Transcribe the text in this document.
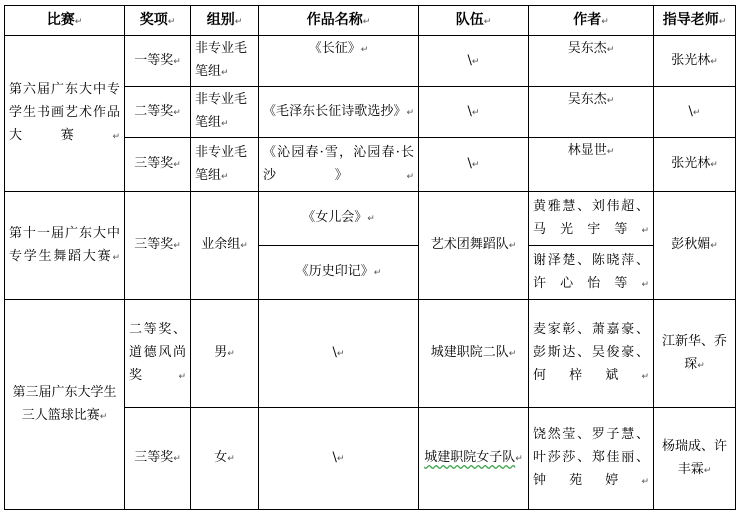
比赛↵	奖项↵	组别↵	作品名称↵	队伍↵	作者↵	指导老师↵
第六届广东大中专学生书画艺术作品大赛↵	一等奖↵	非专业毛笔组↵	《长征》↵	\↵	吴东杰↵	张光林↵
	二等奖↵	非专业毛笔组↵	《毛泽东长征诗歌选抄》↵	\↵	吴东杰↵	\↵
	三等奖↵	非专业毛笔组↵	《沁园春·雪，沁园春·长沙》↵	\↵	林显世↵	张光林↵
第十一届广东大中专学生舞蹈大赛↵	三等奖↵	业余组↵	《女儿会》↵	艺术团舞蹈队↵	黄雅慧、刘伟超、马光宇等↵	彭秋媚↵
			《历史印记》↵		谢泽楚、陈晓萍、许心怡等↵	
第三届广东大学生三人篮球比赛↵	二等奖、道德风尚奖↵	男↵	\↵	城建职院二队↵	麦家彰、萧嘉豪、彭斯达、吴俊豪、何梓斌↵	江新华、乔琛↵
	三等奖↵	女↵	\↵	城建职院女子队↵	饶然莹、罗子慧、叶莎莎、郑佳丽、钟苑婷↵	杨瑞成、许丰霖↵
